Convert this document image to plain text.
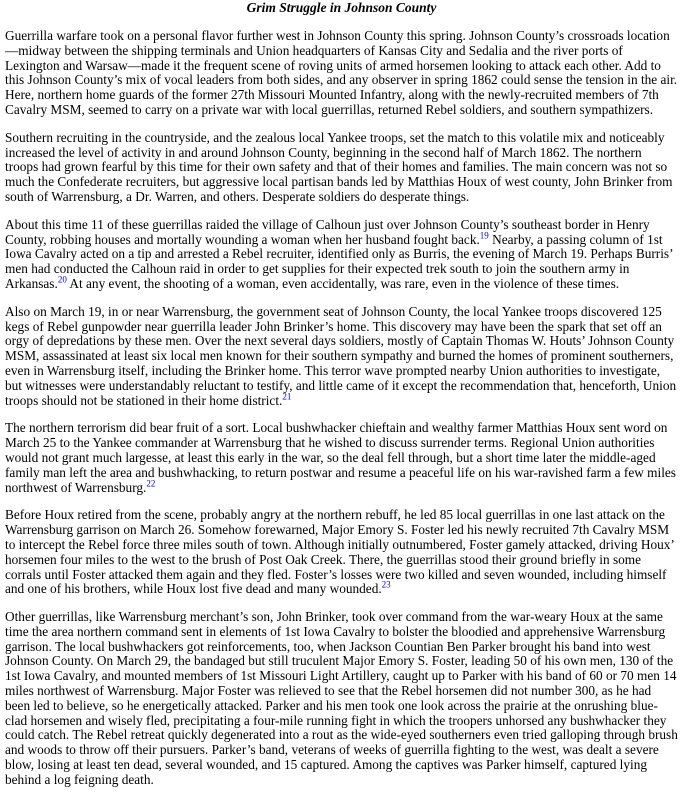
Grim Struggle in Johnson County

Guerrilla warfare took on a personal flavor further west in Johnson County this spring. Johnson County’s crossroads location—midway between the shipping terminals and Union headquarters of Kansas City and Sedalia and the river ports of Lexington and Warsaw—made it the frequent scene of roving units of armed horsemen looking to attack each other. Add to this Johnson County’s mix of vocal leaders from both sides, and any observer in spring 1862 could sense the tension in the air. Here, northern home guards of the former 27th Missouri Mounted Infantry, along with the newly-recruited members of 7th Cavalry MSM, seemed to carry on a private war with local guerrillas, returned Rebel soldiers, and southern sympathizers.

Southern recruiting in the countryside, and the zealous local Yankee troops, set the match to this volatile mix and noticeably increased the level of activity in and around Johnson County, beginning in the second half of March 1862. The northern troops had grown fearful by this time for their own safety and that of their homes and families. The main concern was not so much the Confederate recruiters, but aggressive local partisan bands led by Matthias Houx of west county, John Brinker from south of Warrensburg, a Dr. Warren, and others. Desperate soldiers do desperate things.

About this time 11 of these guerrillas raided the village of Calhoun just over Johnson County’s southeast border in Henry County, robbing houses and mortally wounding a woman when her husband fought back.$^{19}$ Nearby, a passing column of 1st Iowa Cavalry acted on a tip and arrested a Rebel recruiter, identified only as Burris, the evening of March 19. Perhaps Burris’ men had conducted the Calhoun raid in order to get supplies for their expected trek south to join the southern army in Arkansas.$^{20}$ At any event, the shooting of a woman, even accidentally, was rare, even in the violence of these times.

Also on March 19, in or near Warrensburg, the government seat of Johnson County, the local Yankee troops discovered 125 kegs of Rebel gunpowder near guerrilla leader John Brinker’s home. This discovery may have been the spark that set off an orgy of depredations by these men. Over the next several days soldiers, mostly of Captain Thomas W. Houts’ Johnson County MSM, assassinated at least six local men known for their southern sympathy and burned the homes of prominent southerners, even in Warrensburg itself, including the Brinker home. This terror wave prompted nearby Union authorities to investigate, but witnesses were understandably reluctant to testify, and little came of it except the recommendation that, henceforth, Union troops should not be stationed in their home district.$^{21}$

The northern terrorism did bear fruit of a sort. Local bushwhacker chieftain and wealthy farmer Matthias Houx sent word on March 25 to the Yankee commander at Warrensburg that he wished to discuss surrender terms. Regional Union authorities would not grant much largesse, at least this early in the war, so the deal fell through, but a short time later the middle-aged family man left the area and bushwhacking, to return postwar and resume a peaceful life on his war-ravished farm a few miles northwest of Warrensburg.$^{22}$

Before Houx retired from the scene, probably angry at the northern rebuff, he led 85 local guerrillas in one last attack on the Warrensburg garrison on March 26. Somehow forewarned, Major Emory S. Foster led his newly recruited 7th Cavalry MSM to intercept the Rebel force three miles south of town. Although initially outnumbered, Foster gamely attacked, driving Houx’ horsemen four miles to the west to the brush of Post Oak Creek. There, the guerrillas stood their ground briefly in some corrals until Foster attacked them again and they fled. Foster’s losses were two killed and seven wounded, including himself and one of his brothers, while Houx lost five dead and many wounded.$^{23}$

Other guerrillas, like Warrensburg merchant’s son, John Brinker, took over command from the war-weary Houx at the same time the area northern command sent in elements of 1st Iowa Cavalry to bolster the bloodied and apprehensive Warrensburg garrison. The local bushwhackers got reinforcements, too, when Jackson Countian Ben Parker brought his band into west Johnson County. On March 29, the bandaged but still truculent Major Emory S. Foster, leading 50 of his own men, 130 of the 1st Iowa Cavalry, and mounted members of 1st Missouri Light Artillery, caught up to Parker with his band of 60 or 70 men 14 miles northwest of Warrensburg. Major Foster was relieved to see that the Rebel horsemen did not number 300, as he had been led to believe, so he energetically attacked. Parker and his men took one look across the prairie at the onrushing blue-clad horsemen and wisely fled, precipitating a four-mile running fight in which the troopers unhorsed any bushwhacker they could catch. The Rebel retreat quickly degenerated into a rout as the wide-eyed southerners even tried galloping through brush and woods to throw off their pursuers. Parker’s band, veterans of weeks of guerrilla fighting to the west, was dealt a severe blow, losing at least ten dead, several wounded, and 15 captured. Among the captives was Parker himself, captured lying behind a log feigning death.
